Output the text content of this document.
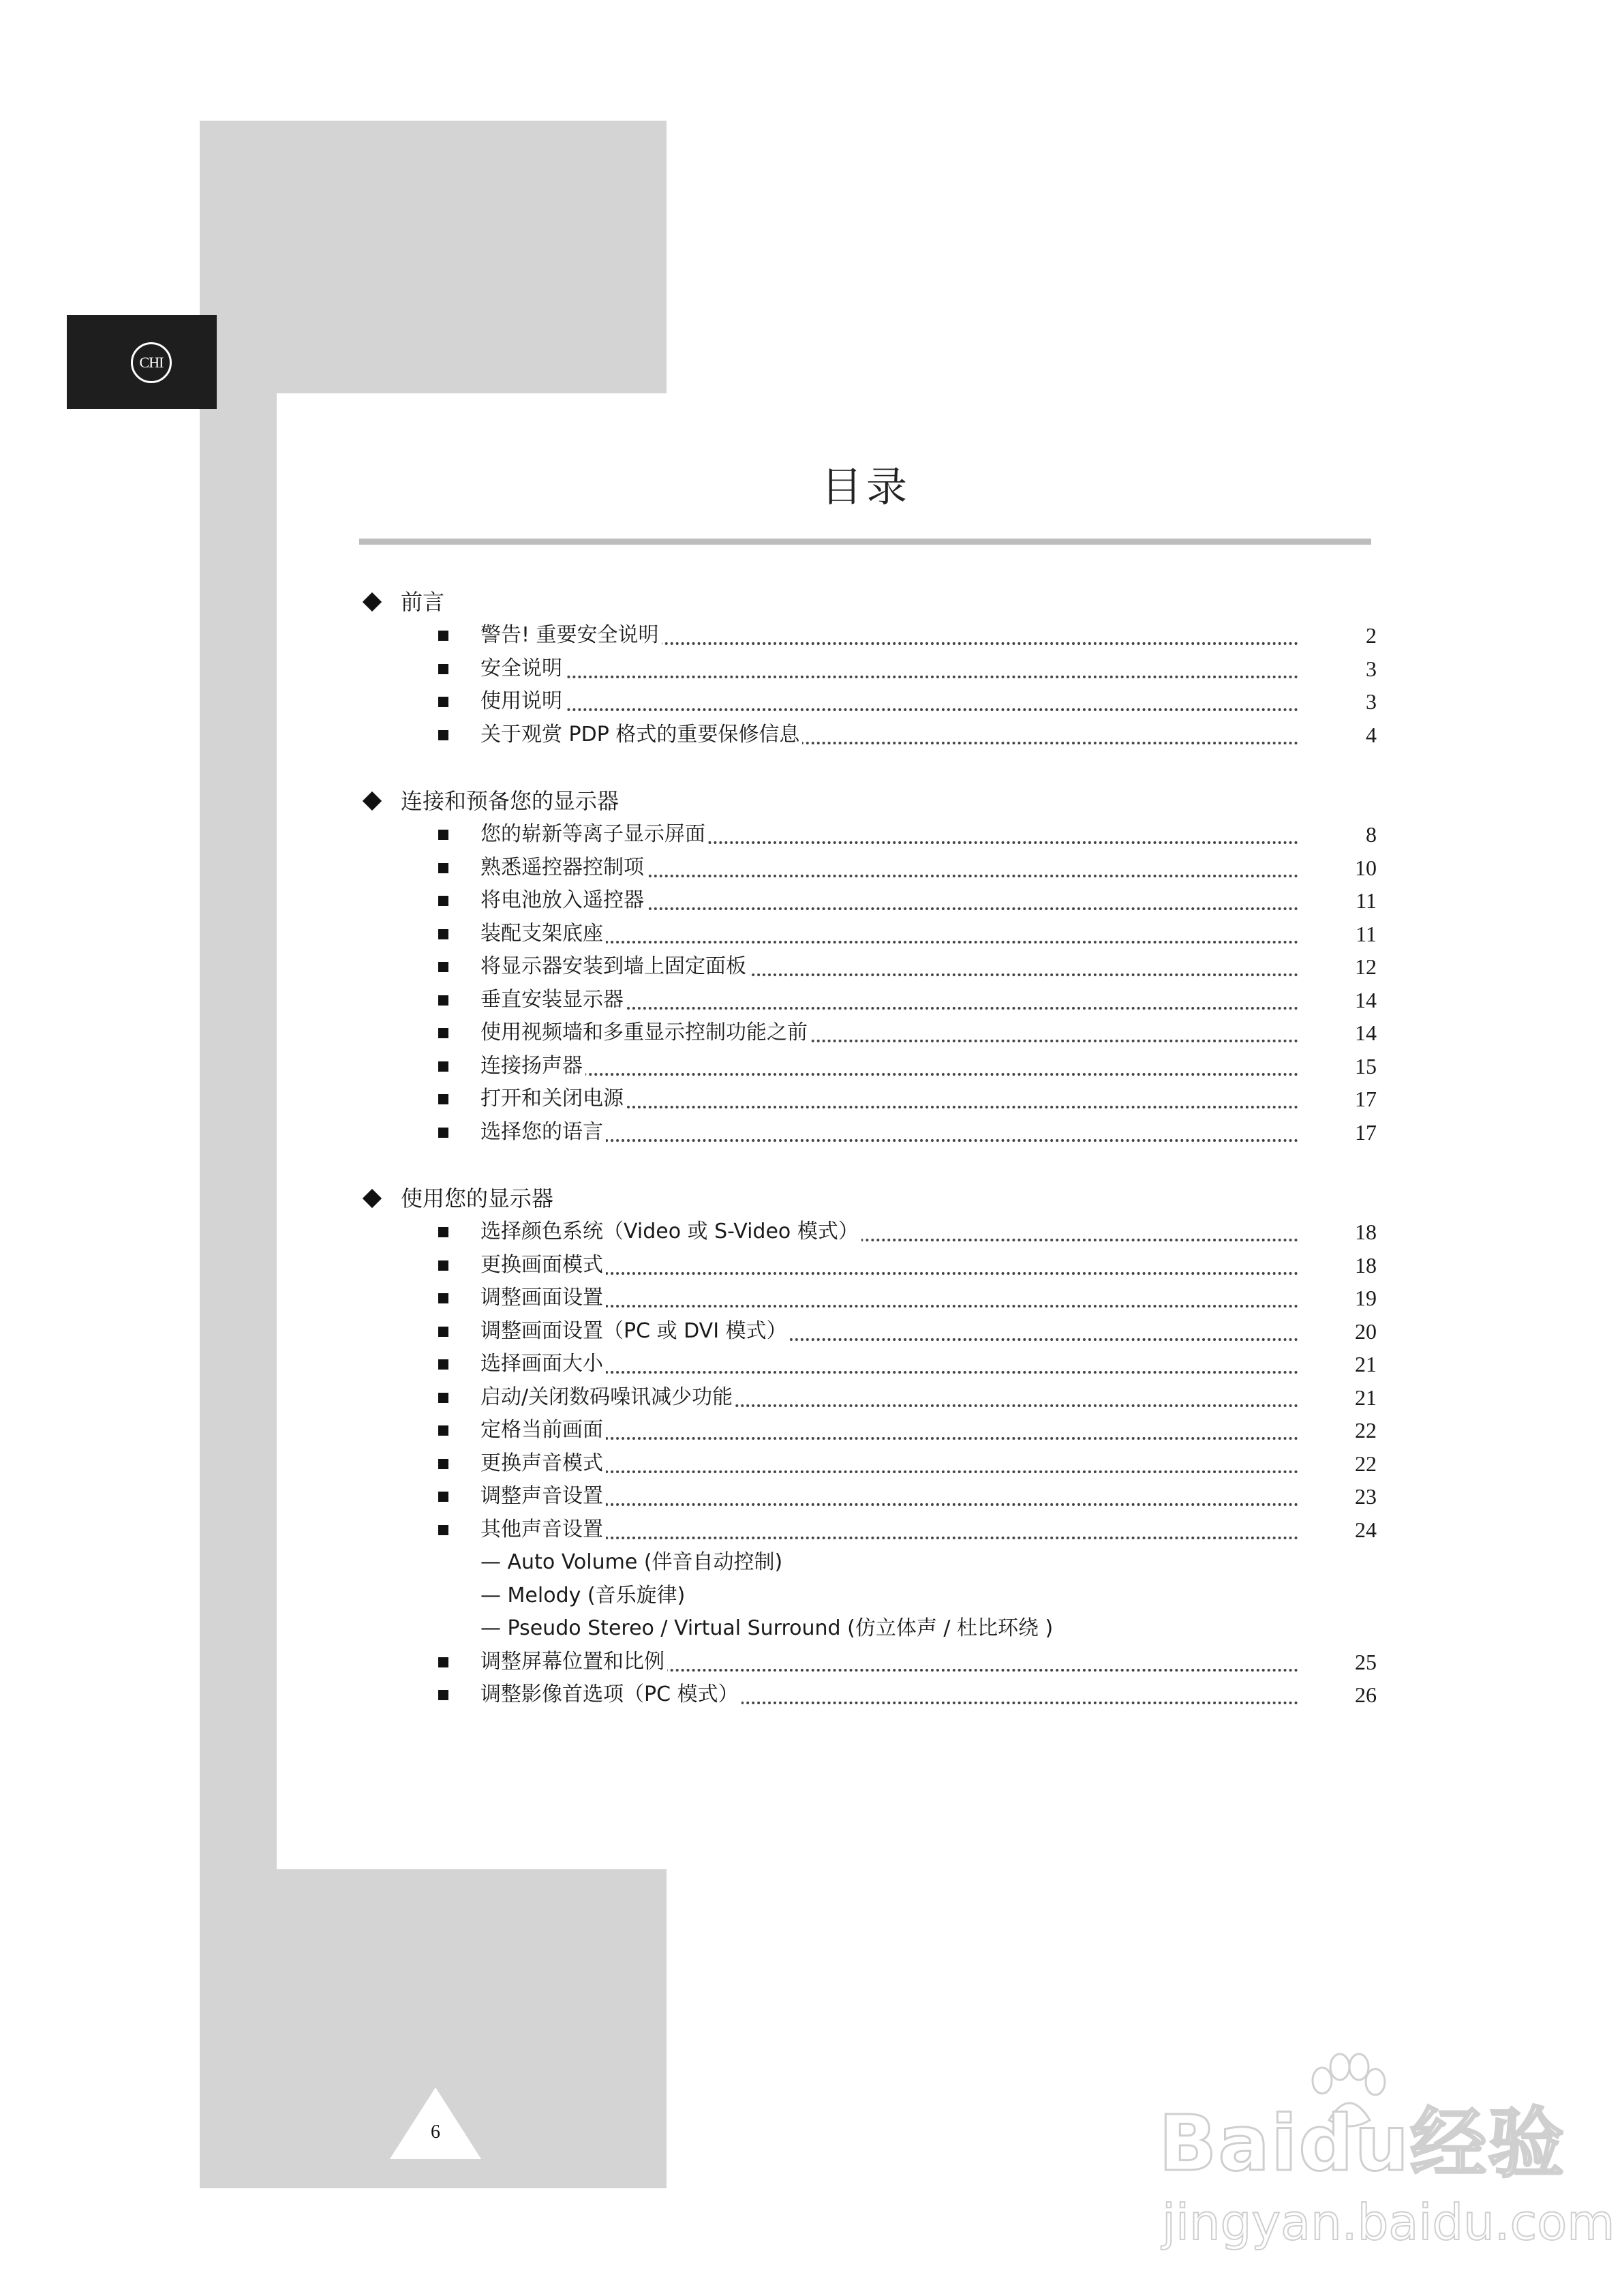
CHI
目录
前言
警告! 重要安全说明	2
安全说明	3
使用说明	3
关于观赏 PDP 格式的重要保修信息	4
连接和预备您的显示器
您的崭新等离子显示屏面	8
熟悉遥控器控制项	10
将电池放入遥控器	11
装配支架底座	11
将显示器安装到墙上固定面板	12
垂直安装显示器	14
使用视频墙和多重显示控制功能之前	14
连接扬声器	15
打开和关闭电源	17
选择您的语言	17
使用您的显示器
选择颜色系统（Video 或 S-Video 模式）	18
更换画面模式	18
调整画面设置	19
调整画面设置（PC 或 DVI 模式）	20
选择画面大小	21
启动/关闭数码噪讯减少功能	21
定格当前画面	22
更换声音模式	22
调整声音设置	23
其他声音设置	24
— Auto Volume (伴音自动控制)
— Melody (音乐旋律)
— Pseudo Stereo / Virtual Surround (仿立体声 / 杜比环绕 )
调整屏幕位置和比例	25
调整影像首选项（PC 模式）	26
6	Baidu经验
jingyan.baidu.com
